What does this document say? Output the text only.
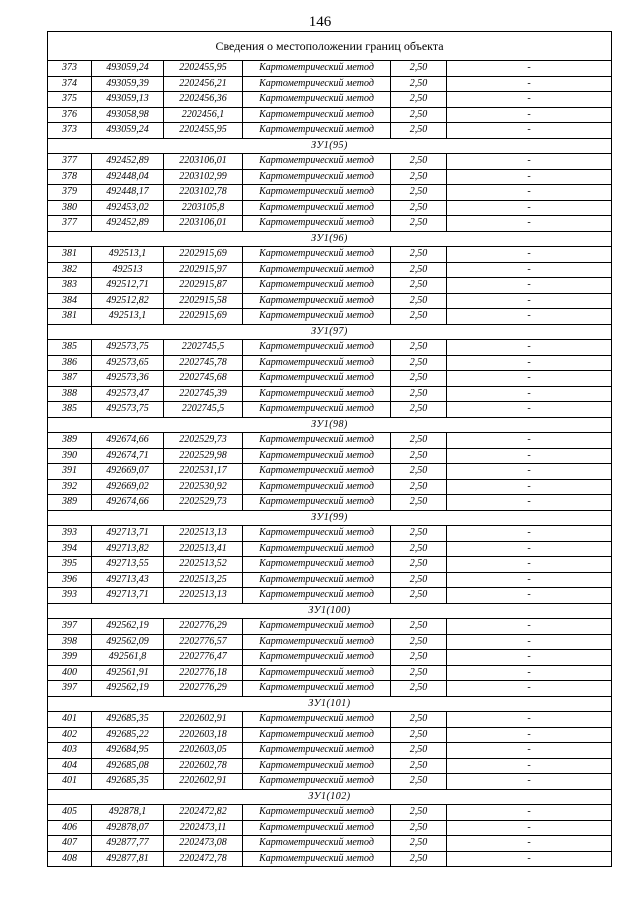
146
Сведения о местоположении границ объекта					
373	493059,24	2202455,95	Картометрический метод	2,50	-
374	493059,39	2202456,21	Картометрический метод	2,50	-
375	493059,13	2202456,36	Картометрический метод	2,50	-
376	493058,98	2202456,1	Картометрический метод	2,50	-
373	493059,24	2202455,95	Картометрический метод	2,50	-
ЗУ1(95)					
377	492452,89	2203106,01	Картометрический метод	2,50	-
378	492448,04	2203102,99	Картометрический метод	2,50	-
379	492448,17	2203102,78	Картометрический метод	2,50	-
380	492453,02	2203105,8	Картометрический метод	2,50	-
377	492452,89	2203106,01	Картометрический метод	2,50	-
ЗУ1(96)					
381	492513,1	2202915,69	Картометрический метод	2,50	-
382	492513	2202915,97	Картометрический метод	2,50	-
383	492512,71	2202915,87	Картометрический метод	2,50	-
384	492512,82	2202915,58	Картометрический метод	2,50	-
381	492513,1	2202915,69	Картометрический метод	2,50	-
ЗУ1(97)					
385	492573,75	2202745,5	Картометрический метод	2,50	-
386	492573,65	2202745,78	Картометрический метод	2,50	-
387	492573,36	2202745,68	Картометрический метод	2,50	-
388	492573,47	2202745,39	Картометрический метод	2,50	-
385	492573,75	2202745,5	Картометрический метод	2,50	-
ЗУ1(98)					
389	492674,66	2202529,73	Картометрический метод	2,50	-
390	492674,71	2202529,98	Картометрический метод	2,50	-
391	492669,07	2202531,17	Картометрический метод	2,50	-
392	492669,02	2202530,92	Картометрический метод	2,50	-
389	492674,66	2202529,73	Картометрический метод	2,50	-
ЗУ1(99)					
393	492713,71	2202513,13	Картометрический метод	2,50	-
394	492713,82	2202513,41	Картометрический метод	2,50	-
395	492713,55	2202513,52	Картометрический метод	2,50	-
396	492713,43	2202513,25	Картометрический метод	2,50	-
393	492713,71	2202513,13	Картометрический метод	2,50	-
ЗУ1(100)					
397	492562,19	2202776,29	Картометрический метод	2,50	-
398	492562,09	2202776,57	Картометрический метод	2,50	-
399	492561,8	2202776,47	Картометрический метод	2,50	-
400	492561,91	2202776,18	Картометрический метод	2,50	-
397	492562,19	2202776,29	Картометрический метод	2,50	-
ЗУ1(101)					
401	492685,35	2202602,91	Картометрический метод	2,50	-
402	492685,22	2202603,18	Картометрический метод	2,50	-
403	492684,95	2202603,05	Картометрический метод	2,50	-
404	492685,08	2202602,78	Картометрический метод	2,50	-
401	492685,35	2202602,91	Картометрический метод	2,50	-
ЗУ1(102)					
405	492878,1	2202472,82	Картометрический метод	2,50	-
406	492878,07	2202473,11	Картометрический метод	2,50	-
407	492877,77	2202473,08	Картометрический метод	2,50	-
408	492877,81	2202472,78	Картометрический метод	2,50	-
